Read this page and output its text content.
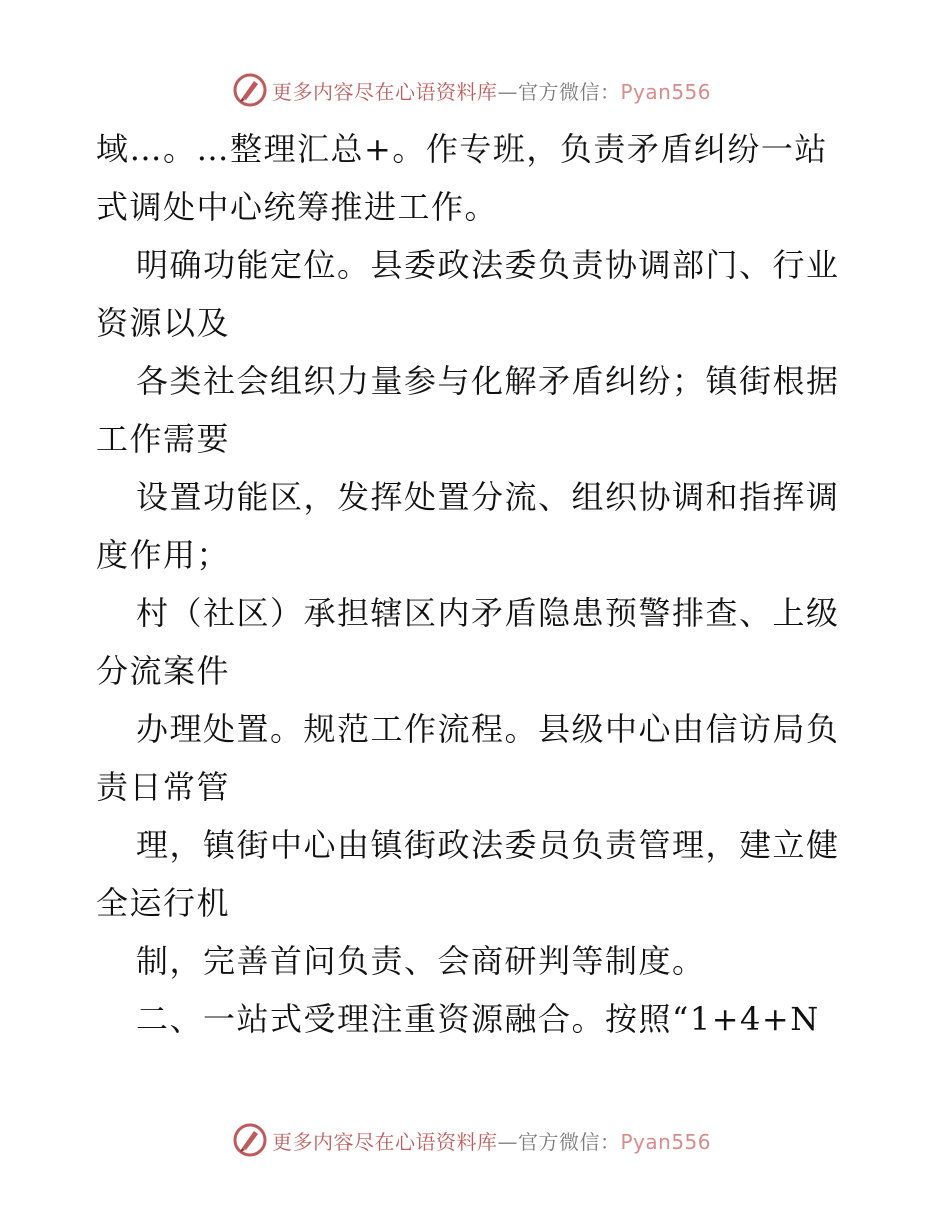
更多内容尽在心语资料库—官方微信：Pyan556
域…。…整理汇总+。作专班，负责矛盾纠纷一站
式调处中心统筹推进工作。
明确功能定位。县委政法委负责协调部门、行业
资源以及
各类社会组织力量参与化解矛盾纠纷；镇街根据
工作需要
设置功能区，发挥处置分流、组织协调和指挥调
度作用；
村（社区）承担辖区内矛盾隐患预警排查、上级
分流案件
办理处置。规范工作流程。县级中心由信访局负
责日常管
理，镇街中心由镇街政法委员负责管理，建立健
全运行机
制，完善首问负责、会商研判等制度。
二、一站式受理注重资源融合。按照“1+4+N
更多内容尽在心语资料库—官方微信：Pyan556
